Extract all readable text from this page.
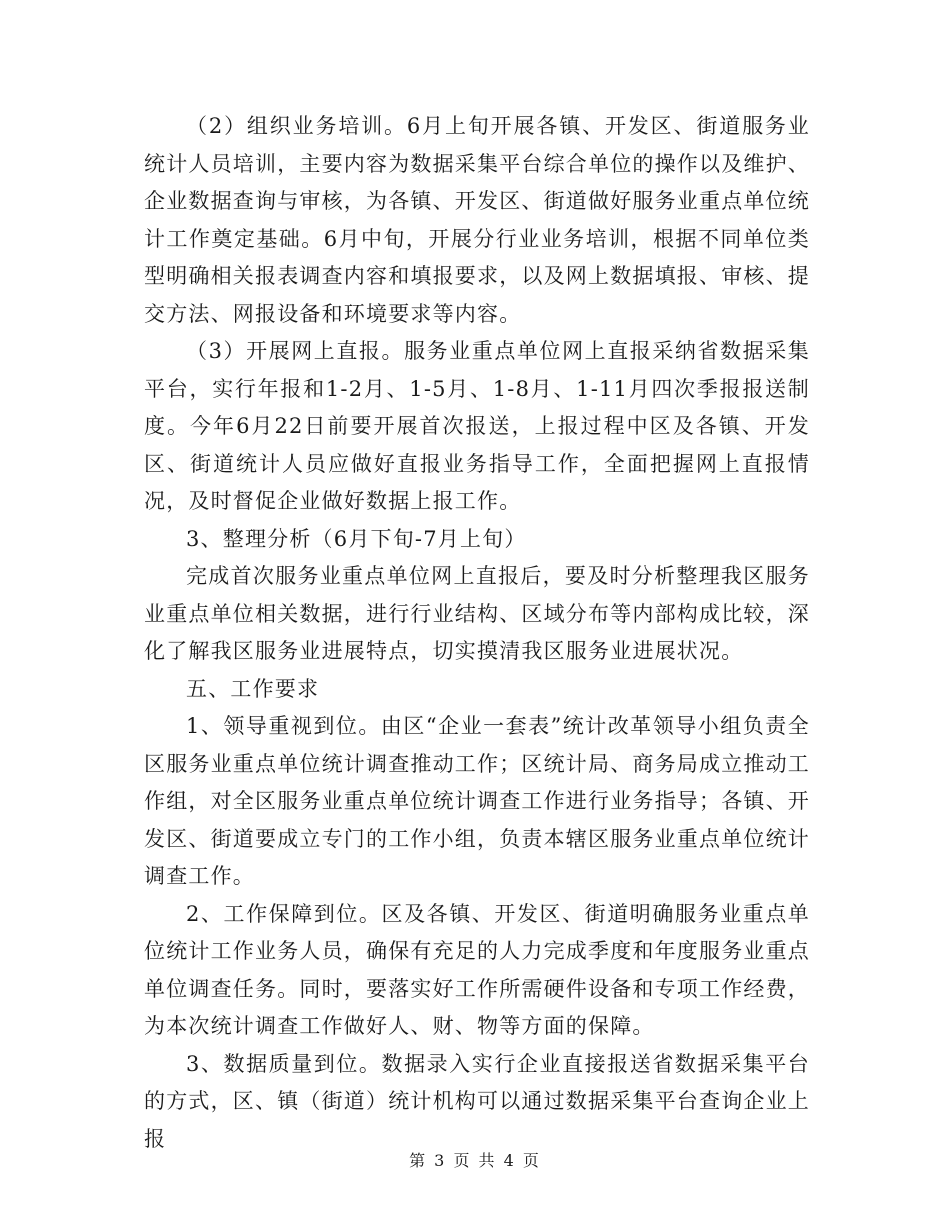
（2）组织业务培训。6月上旬开展各镇、开发区、街道服务业统计人员培训，主要内容为数据采集平台综合单位的操作以及维护、企业数据查询与审核，为各镇、开发区、街道做好服务业重点单位统计工作奠定基础。6月中旬，开展分行业业务培训，根据不同单位类型明确相关报表调查内容和填报要求，以及网上数据填报、审核、提交方法、网报设备和环境要求等内容。

（3）开展网上直报。服务业重点单位网上直报采纳省数据采集平台，实行年报和1-2月、1-5月、1-8月、1-11月四次季报报送制度。今年6月22日前要开展首次报送，上报过程中区及各镇、开发区、街道统计人员应做好直报业务指导工作，全面把握网上直报情况，及时督促企业做好数据上报工作。

3、整理分析（6月下旬-7月上旬）

完成首次服务业重点单位网上直报后，要及时分析整理我区服务业重点单位相关数据，进行行业结构、区域分布等内部构成比较，深化了解我区服务业进展特点，切实摸清我区服务业进展状况。

五、工作要求

1、领导重视到位。由区“企业一套表”统计改革领导小组负责全区服务业重点单位统计调查推动工作；区统计局、商务局成立推动工作组，对全区服务业重点单位统计调查工作进行业务指导；各镇、开发区、街道要成立专门的工作小组，负责本辖区服务业重点单位统计调查工作。

2、工作保障到位。区及各镇、开发区、街道明确服务业重点单位统计工作业务人员，确保有充足的人力完成季度和年度服务业重点单位调查任务。同时，要落实好工作所需硬件设备和专项工作经费，为本次统计调查工作做好人、财、物等方面的保障。

3、数据质量到位。数据录入实行企业直接报送省数据采集平台的方式，区、镇（街道）统计机构可以通过数据采集平台查询企业上报

第 3 页 共 4 页
